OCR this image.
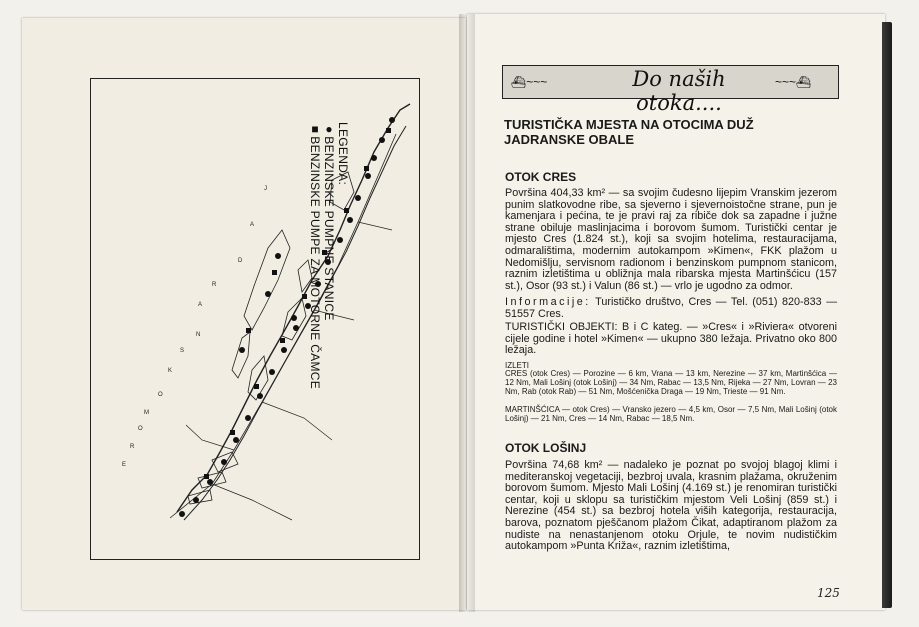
J
A
D
R
A
N
S
K
O
M
O
R
E
LEGENDA:
●BENZINSKE PUMPNE STANICE
■BENZINSKE PUMPE ZA MOTORNE ČAMCE
⛴~~~	Do naših otoka....
~~~⛴
TURISTIČKA MJESTA NA OTOCIMA DUŽ JADRANSKE OBALE
OTOK CRES

Površina 404,33 km² — sa svojim čudesno lijepim Vranskim jezerom punim slatkovodne ribe, sa sjeverno i sjevernoistočne strane, pun je kamenjara i pećina, te je pravi raj za ribiče dok sa zapadne i južne strane obiluje maslinjacima i borovom šumom. Turistički centar je mjesto Cres (1.824 st.), koji sa svojim hotelima, restauracijama, odmaralištima, modernim autokampom »Kimen«, FKK plažom u Nedomišlju, servisnom radionom i benzinskom pumpnom stanicom, raznim izletištima u obližnja mala ribarska mjesta Martinšćicu (157 st.), Osor (93 st.) i Valun (86 st.) — vrlo je ugodno za odmor.

Informacije: Turističko društvo, Cres — Tel. (051) 820-833 — 51557 Cres.

TURISTIČKI OBJEKTI: B i C kateg. — »Cres« i »Riviera« otvoreni cijele godine i hotel »Kimen« — ukupno 380 ležaja. Privatno oko 800 ležaja.

IZLETI

CRES (otok Cres) — Porozine — 6 km, Vrana — 13 km, Nerezine — 37 km, Martinšćica — 12 Nm, Mali Lošinj (otok Lošinj) — 34 Nm, Rabac — 13,5 Nm, Rijeka — 27 Nm, Lovran — 23 Nm, Rab (otok Rab) — 51 Nm, Mošćenička Draga — 19 Nm, Trieste — 91 Nm.

MARTINŠĆICA — otok Cres) — Vransko jezero — 4,5 km, Osor — 7,5 Nm, Mali Lošinj (otok Lošinj) — 21 Nm, Cres — 14 Nm, Rabac — 18,5 Nm.

OTOK LOŠINJ

Površina 74,68 km² — nadaleko je poznat po svojoj blagoj klimi i mediteranskoj vegetaciji, bezbroj uvala, krasnim plažama, okruženim borovom šumom. Mjesto Mali Lošinj (4.169 st.) je renomiran turistički centar, koji u sklopu sa turističkim mjestom Veli Lošinj (859 st.) i Nerezine (454 st.) sa bezbroj hotela viših kategorija, restauracija, barova, poznatom pješčanom plažom Čikat, adaptiranom plažom za nudiste na nenastanjenom otoku Orjule, te novim nudističkim autokampom »Punta Križa«, raznim izletištima,

125
